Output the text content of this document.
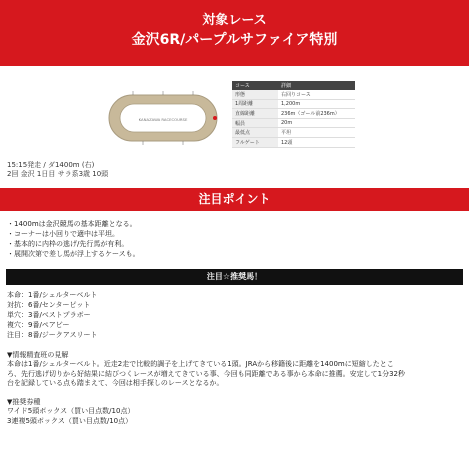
対象レース
金沢6R/パープルサファイア特別
KANAZAWA RACECOURSE
コース	詳細
形態	右回りコース
1周距離	1,200m
直線距離	236m（ゴール前236m）
幅員	20m
最低点	平坦
フルゲート	12頭
15:15発走 / ダ1400m (右)
2回 金沢 1日目 サラ系3歳 10頭
注目ポイント
・1400mは金沢競馬の基本距離となる。
・コーナーは小回りで適中は平坦。
・基本的に内枠の逃げ/先行馬が有利。
・展開次第で差し馬が浮上するケースも。
注目☆推奨馬！
本命：1番/シェルターベルト
対抗：6番/センターピット
単穴：3番/ベストプラボー
複穴：9番/ペアビー
注目：8番/ジークアスリート
▼情報精査班の見解
本命は1番/シェルターベルト。近走2走で比較的調子を上げてきている1頭。JRAから移籍後に距離を1400mに短縮したとこ
ろ、先行逃げ切りから好結果に結びつくレースが増えてきている事、今回も同距離である事から本命に推薦。安定して1分32秒
台を記録している点も踏まえて、今回は相手探しのレースとなるか。
▼推奨券種
ワイド5頭ボックス（買い目点数/10点）
3連複5頭ボックス（買い目点数/10点）
